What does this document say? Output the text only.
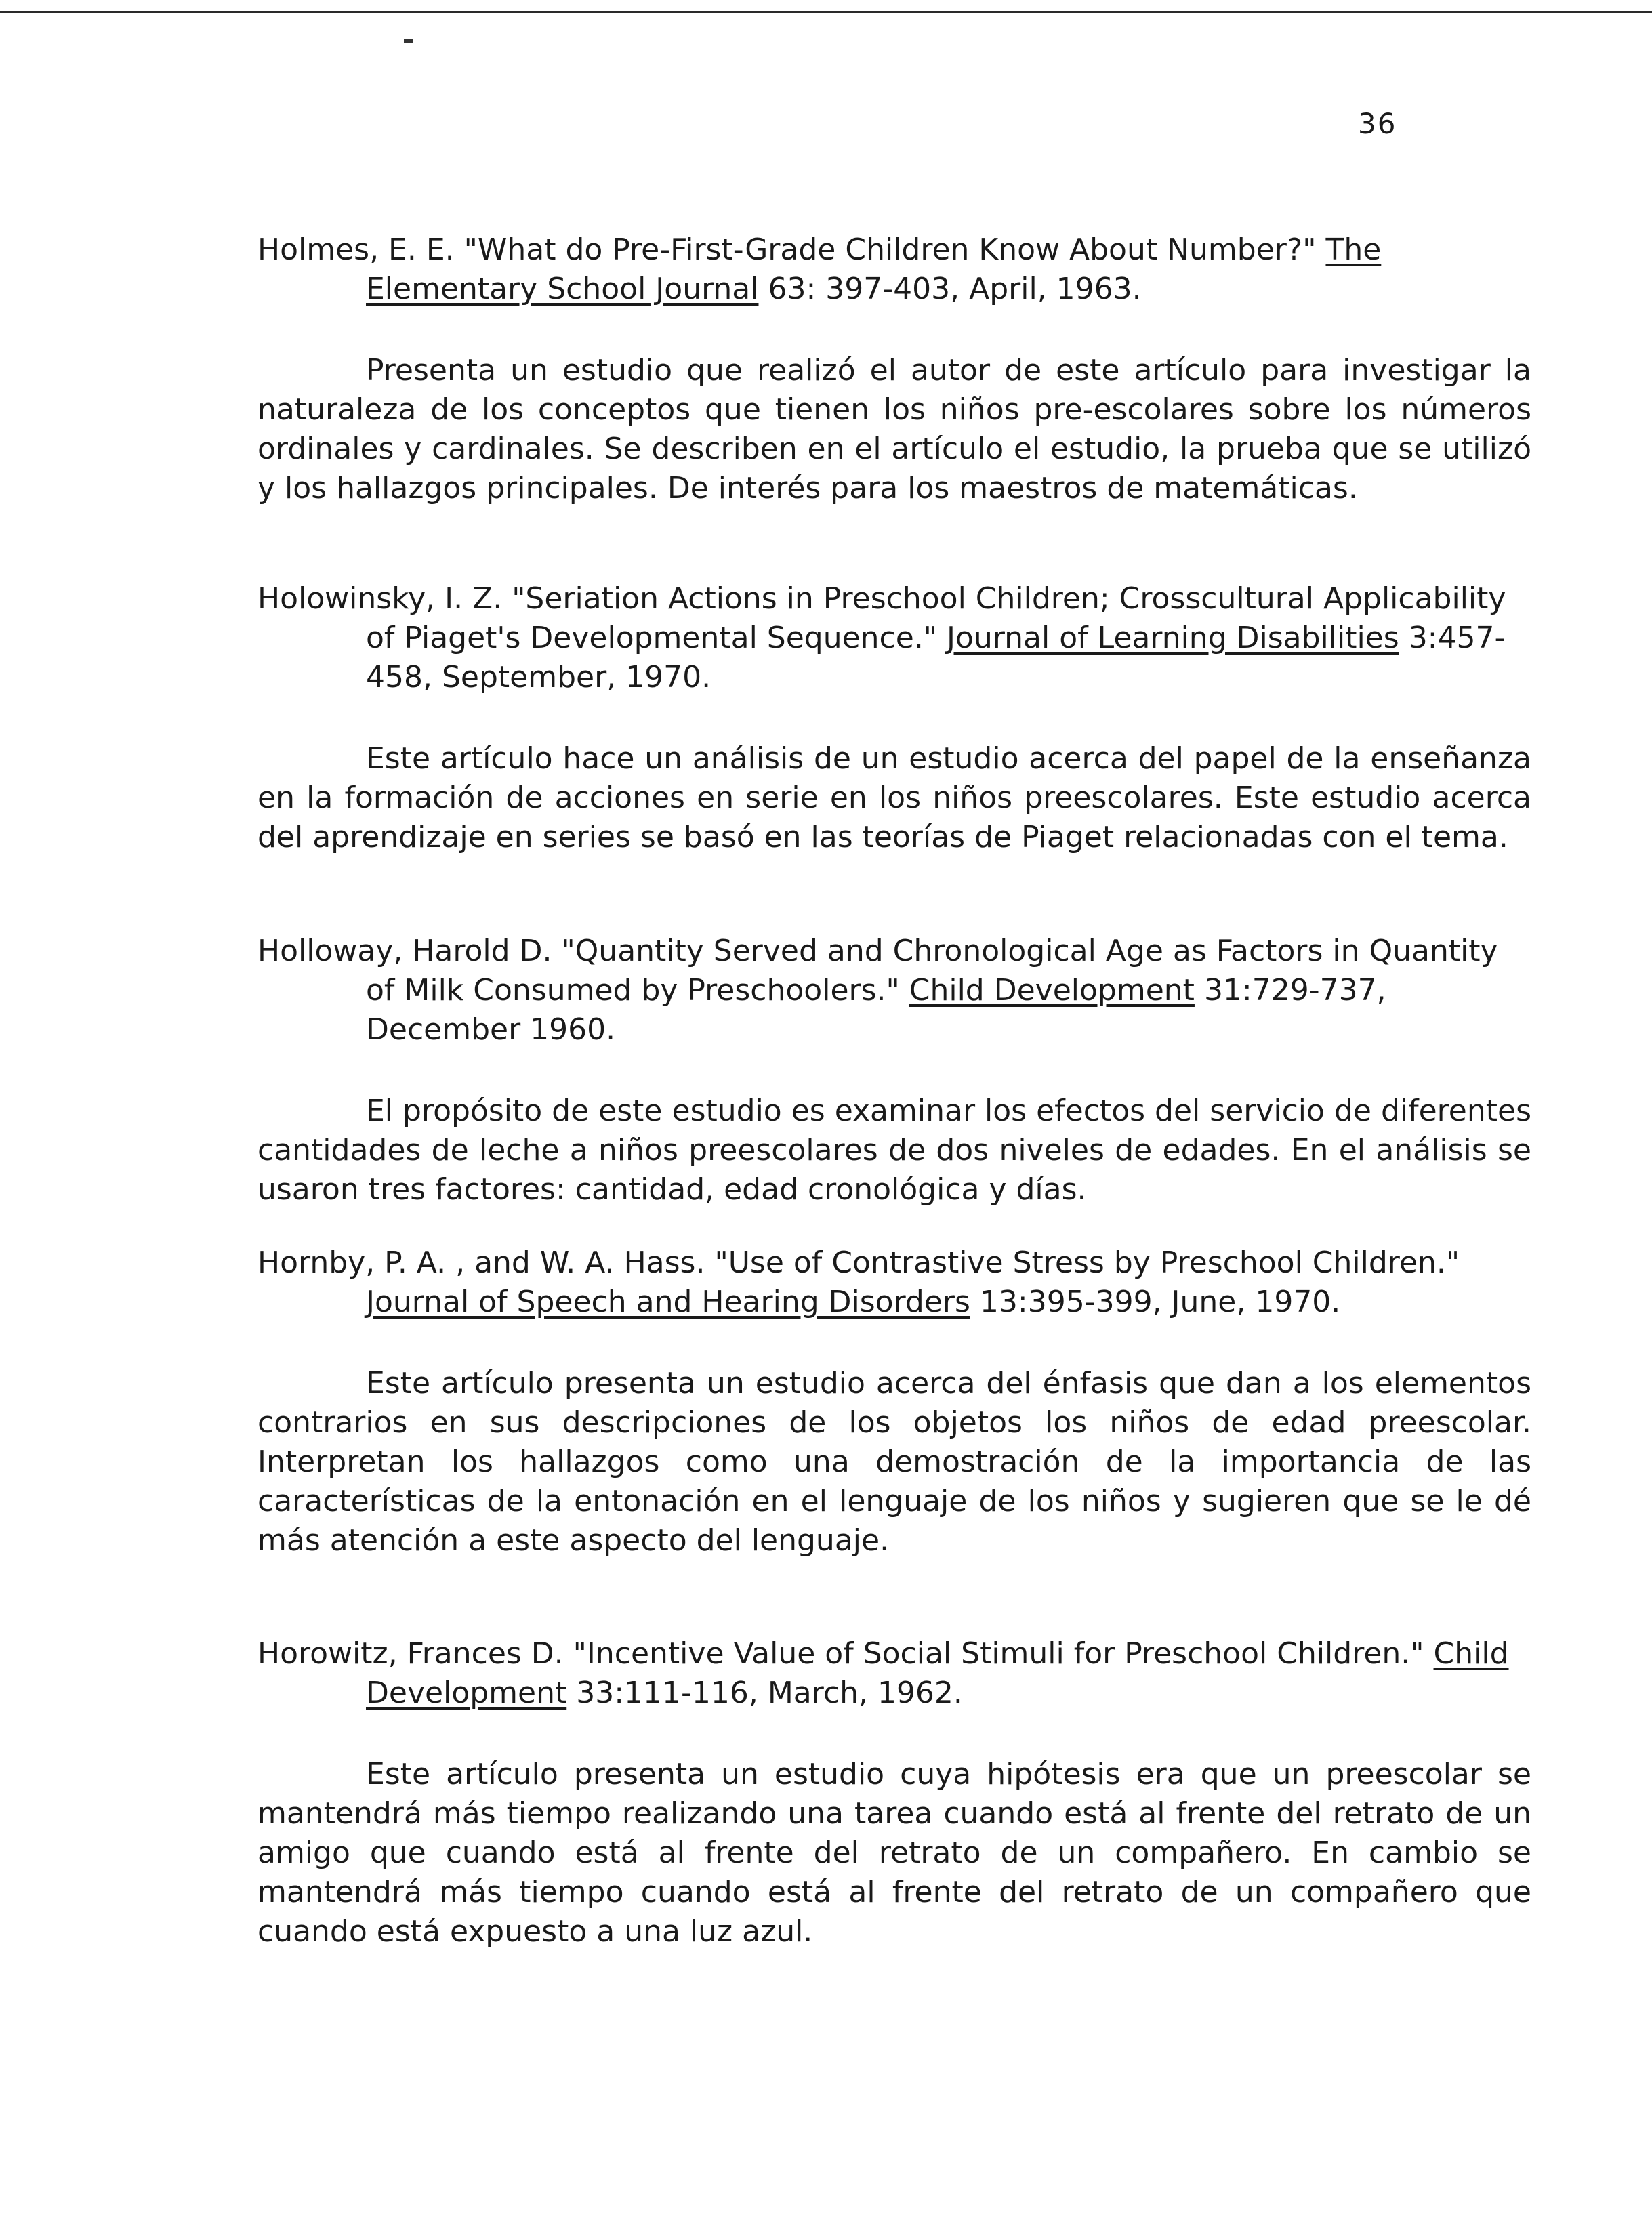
36

Holmes, E. E. "What do Pre-First-Grade Children Know About Number?" The Elementary School Journal 63: 397-403, April, 1963.

Presenta un estudio que realizó el autor de este artículo para investigar la naturaleza de los conceptos que tienen los niños pre-escolares sobre los números ordinales y cardinales. Se describen en el artículo el estudio, la prueba que se utilizó y los hallazgos principales. De interés para los maestros de matemáticas.

Holowinsky, I. Z. "Seriation Actions in Preschool Children; Crosscultural Applicability of Piaget's Developmental Sequence." Journal of Learning Disabilities 3:457-458, September, 1970.

Este artículo hace un análisis de un estudio acerca del papel de la enseñanza en la formación de acciones en serie en los niños preescolares. Este estudio acerca del aprendizaje en series se basó en las teorías de Piaget relacionadas con el tema.

Holloway, Harold D. "Quantity Served and Chronological Age as Factors in Quantity of Milk Consumed by Preschoolers." Child Development 31:729-737, December 1960.

El propósito de este estudio es examinar los efectos del servicio de diferentes cantidades de leche a niños preescolares de dos niveles de edades. En el análisis se usaron tres factores: cantidad, edad cronológica y días.

Hornby, P. A. , and W. A. Hass. "Use of Contrastive Stress by Preschool Children." Journal of Speech and Hearing Disorders 13:395-399, June, 1970.

Este artículo presenta un estudio acerca del énfasis que dan a los elementos contrarios en sus descripciones de los objetos los niños de edad preescolar. Interpretan los hallazgos como una demostración de la importancia de las características de la entonación en el lenguaje de los niños y sugieren que se le dé más atención a este aspecto del lenguaje.

Horowitz, Frances D. "Incentive Value of Social Stimuli for Preschool Children." Child Development 33:111-116, March, 1962.

Este artículo presenta un estudio cuya hipótesis era que un preescolar se mantendrá más tiempo realizando una tarea cuando está al frente del retrato de un amigo que cuando está al frente del retrato de un compañero. En cambio se mantendrá más tiempo cuando está al frente del retrato de un compañero que cuando está expuesto a una luz azul.
